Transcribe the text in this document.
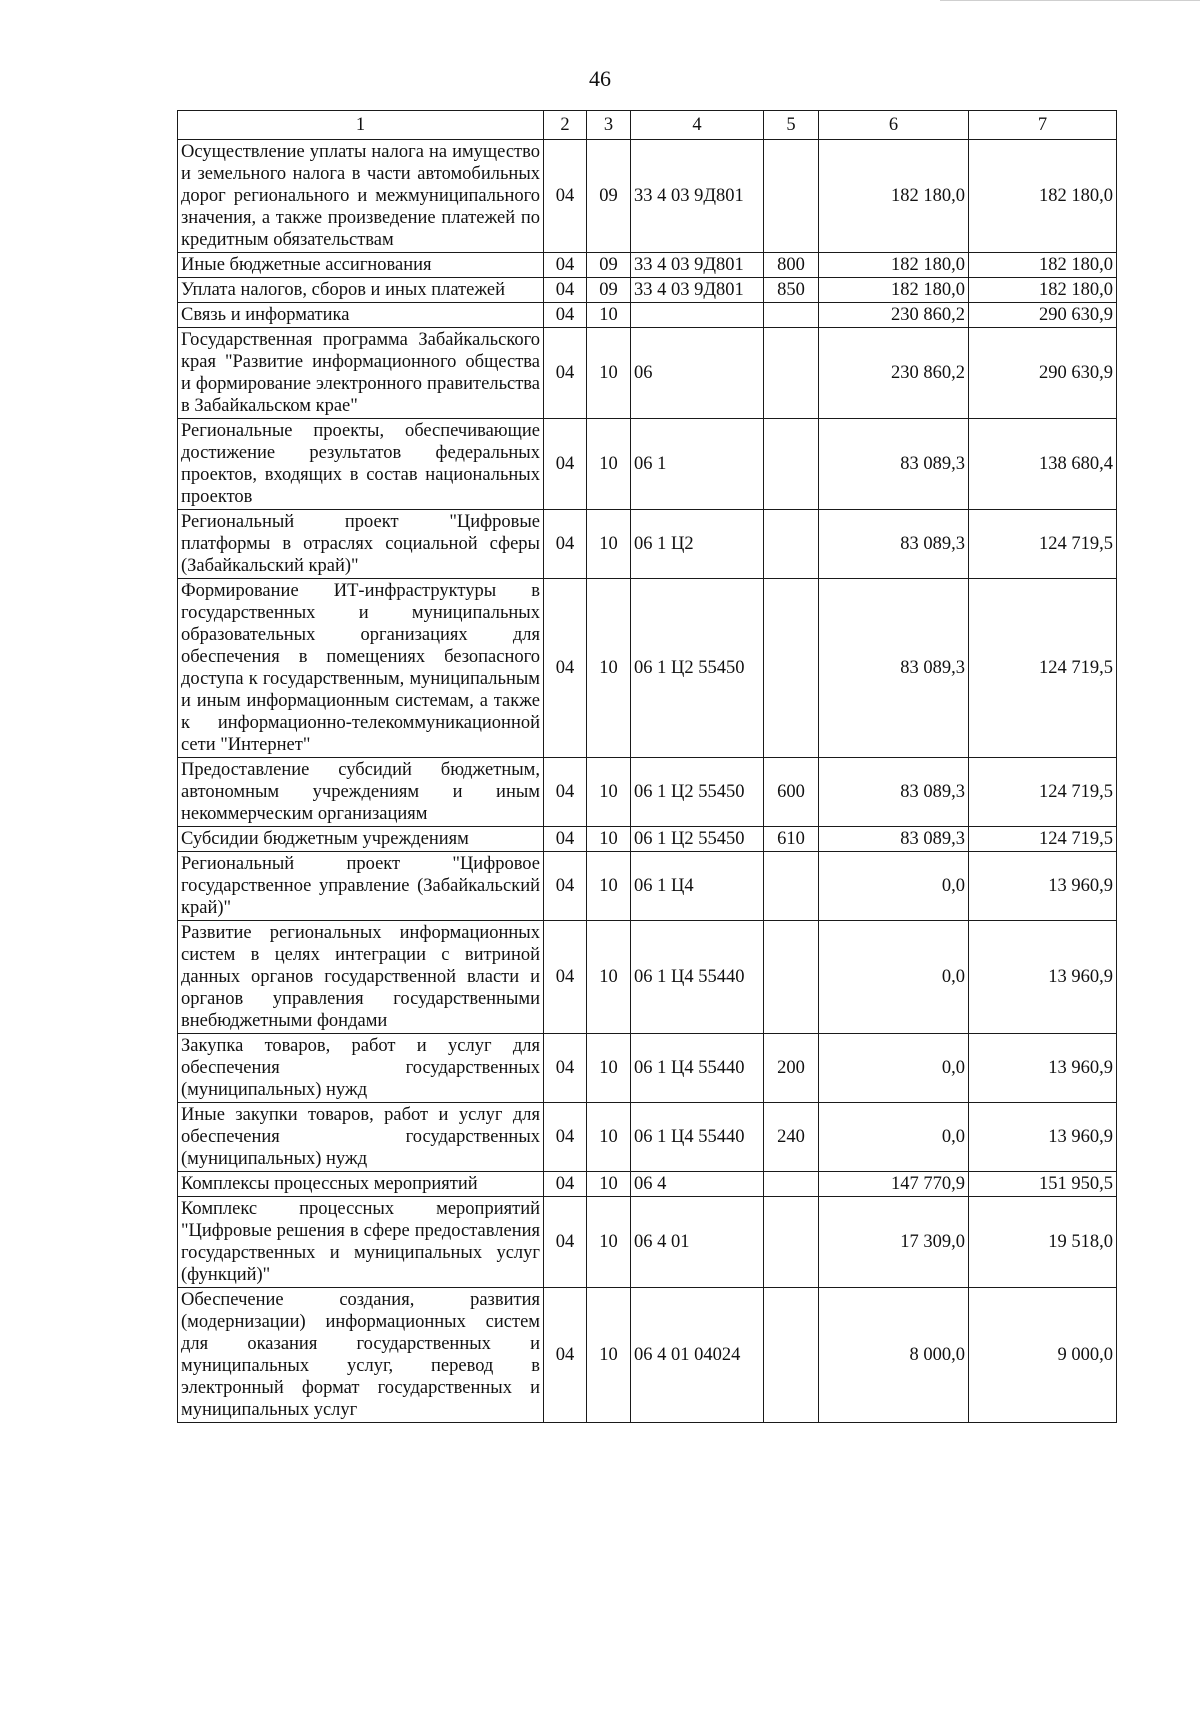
46
1	2	3	4	5	6	7
Осуществление уплаты налога на имущество и земельного налога в части автомобильных дорог регионального и межмуниципального значения, а также произведение платежей по кредитным обязательствам	04	09	33 4 03 9Д801		182 180,0	182 180,0
Иные бюджетные ассигнования	04	09	33 4 03 9Д801	800	182 180,0	182 180,0
Уплата налогов, сборов и иных платежей	04	09	33 4 03 9Д801	850	182 180,0	182 180,0
Связь и информатика	04	10			230 860,2	290 630,9
Государственная программа Забайкальского края "Развитие информационного общества и формирование электронного правительства в Забайкальском крае"	04	10	06		230 860,2	290 630,9
Региональные проекты, обеспечивающие достижение результатов федеральных проектов, входящих в состав национальных проектов	04	10	06 1		83 089,3	138 680,4
Региональный проект "Цифровые платформы в отраслях социальной сферы (Забайкальский край)"	04	10	06 1 Ц2		83 089,3	124 719,5
Формирование ИТ-инфраструктуры в государственных и муниципальных образовательных организациях для обеспечения в помещениях безопасного доступа к государственным, муниципальным и иным информационным системам, а также к информационно-телекоммуникационной сети "Интернет"	04	10	06 1 Ц2 55450		83 089,3	124 719,5
Предоставление субсидий бюджетным, автономным учреждениям и иным некоммерческим организациям	04	10	06 1 Ц2 55450	600	83 089,3	124 719,5
Субсидии бюджетным учреждениям	04	10	06 1 Ц2 55450	610	83 089,3	124 719,5
Региональный проект "Цифровое государственное управление (Забайкальский край)"	04	10	06 1 Ц4		0,0	13 960,9
Развитие региональных информационных систем в целях интеграции с витриной данных органов государственной власти и органов управления государственными внебюджетными фондами	04	10	06 1 Ц4 55440		0,0	13 960,9
Закупка товаров, работ и услуг для обеспечения государственных (муниципальных) нужд	04	10	06 1 Ц4 55440	200	0,0	13 960,9
Иные закупки товаров, работ и услуг для обеспечения государственных (муниципальных) нужд	04	10	06 1 Ц4 55440	240	0,0	13 960,9
Комплексы процессных мероприятий	04	10	06 4		147 770,9	151 950,5
Комплекс процессных мероприятий "Цифровые решения в сфере предоставления государственных и муниципальных услуг (функций)"	04	10	06 4 01		17 309,0	19 518,0
Обеспечение создания, развития (модернизации) информационных систем для оказания государственных и муниципальных услуг, перевод в электронный формат государственных и муниципальных услуг	04	10	06 4 01 04024		8 000,0	9 000,0
